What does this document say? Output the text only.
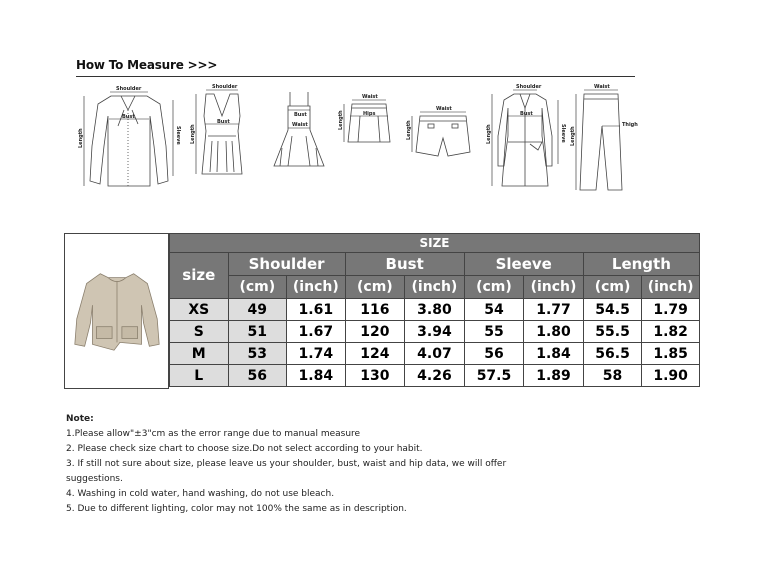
How To Measure >>>
Shoulder
Bust
Length	Sleeve
Shoulder
Bust
Length
Bust
Waist
Waist
Hips
Length
Waist
Length
Shoulder
Bust
Sleeve
Length
Waist
Length
Thigh
SIZE								
size	Shoulder		Bust		Sleeve		Length	
	(cm)	(inch)	(cm)	(inch)	(cm)	(inch)	(cm)	(inch)
XS	49	1.61	116	3.80	54	1.77	54.5	1.79
S	51	1.67	120	3.94	55	1.80	55.5	1.82
M	53	1.74	124	4.07	56	1.84	56.5	1.85
L	56	1.84	130	4.26	57.5	1.89	58	1.90
Note:
1.Please allow"±3"cm as the error range due to manual measure
2. Please check size chart to choose size.Do not select according to your habit.
3. If still not sure about size, please leave us your shoulder, bust, waist and hip data, we will offer
suggestions.
4. Washing in cold water, hand washing, do not use bleach.
5. Due to different lighting, color may not 100% the same as in description.
